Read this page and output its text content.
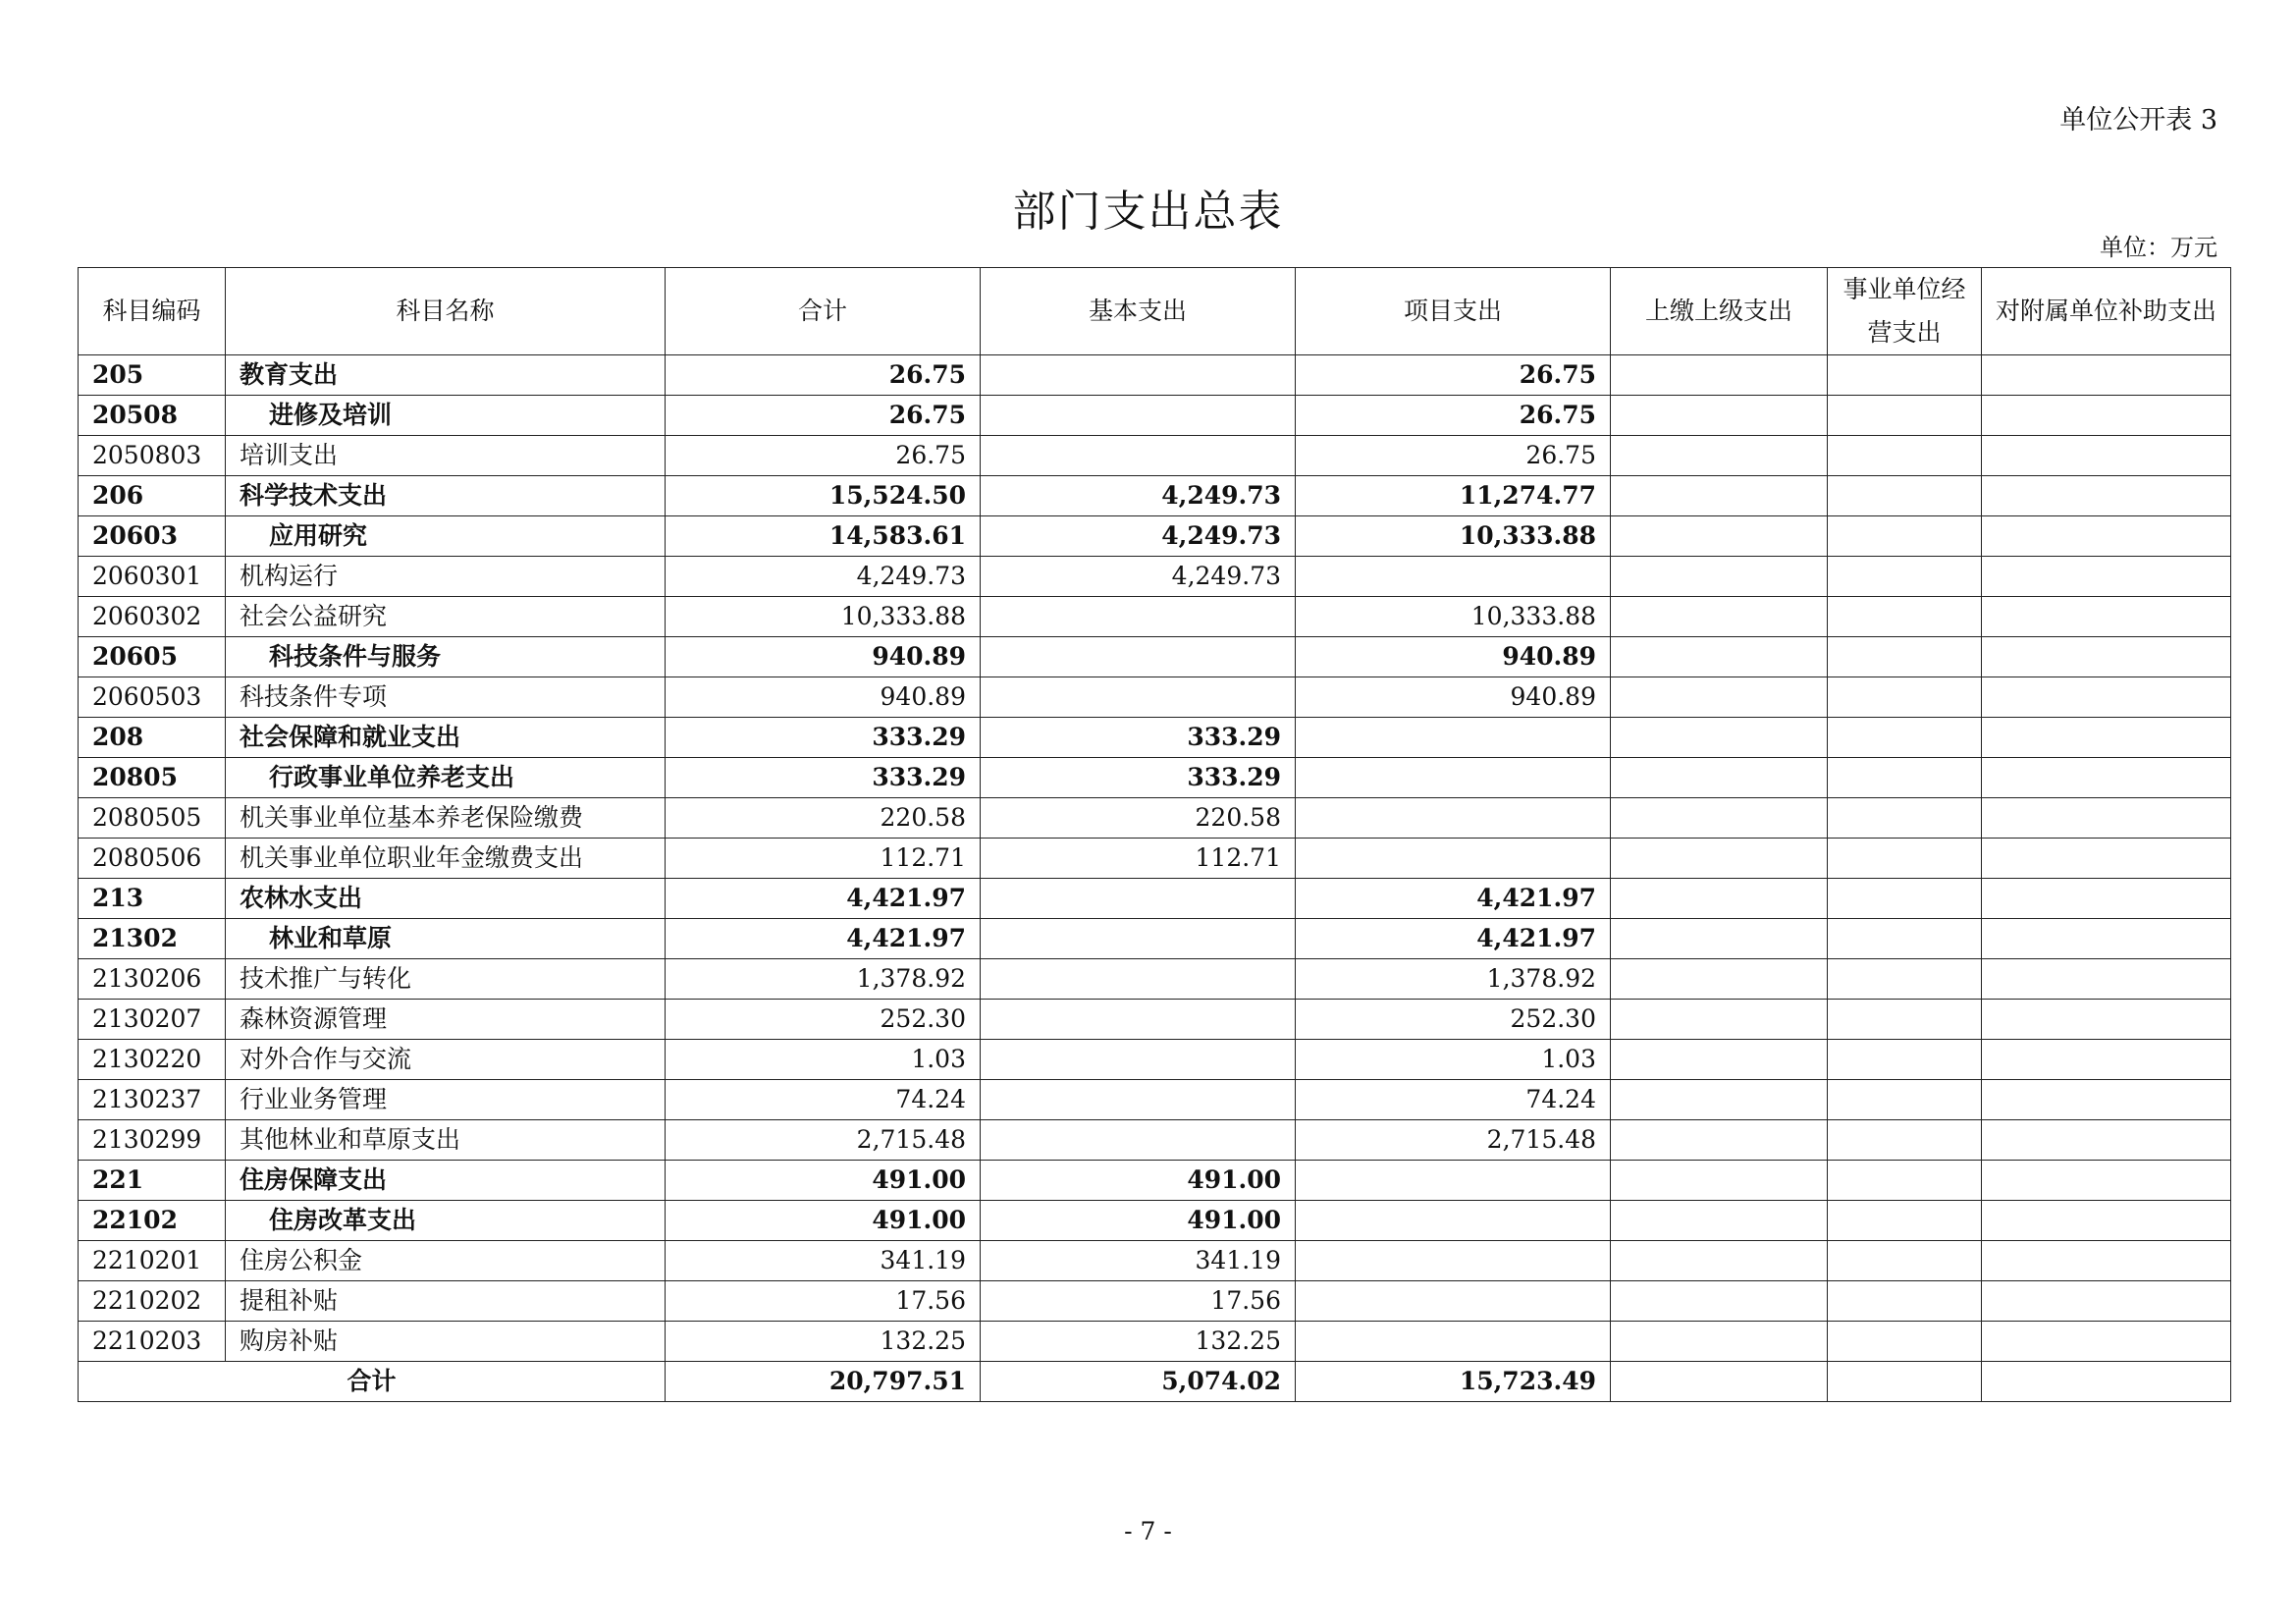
单位公开表 3
部门支出总表
单位：万元
科目编码	科目名称	合计	基本支出	项目支出	上缴上级支出	事业单位经营支出	对附属单位补助支出
205	教育支出	26.75		26.75			
20508	进修及培训	26.75		26.75			
2050803	培训支出	26.75		26.75			
206	科学技术支出	15,524.50	4,249.73	11,274.77			
20603	应用研究	14,583.61	4,249.73	10,333.88			
2060301	机构运行	4,249.73	4,249.73				
2060302	社会公益研究	10,333.88		10,333.88			
20605	科技条件与服务	940.89		940.89			
2060503	科技条件专项	940.89		940.89			
208	社会保障和就业支出	333.29	333.29				
20805	行政事业单位养老支出	333.29	333.29				
2080505	机关事业单位基本养老保险缴费	220.58	220.58				
2080506	机关事业单位职业年金缴费支出	112.71	112.71				
213	农林水支出	4,421.97		4,421.97			
21302	林业和草原	4,421.97		4,421.97			
2130206	技术推广与转化	1,378.92		1,378.92			
2130207	森林资源管理	252.30		252.30			
2130220	对外合作与交流	1.03		1.03			
2130237	行业业务管理	74.24		74.24			
2130299	其他林业和草原支出	2,715.48		2,715.48			
221	住房保障支出	491.00	491.00				
22102	住房改革支出	491.00	491.00				
2210201	住房公积金	341.19	341.19				
2210202	提租补贴	17.56	17.56				
2210203	购房补贴	132.25	132.25				
合计		20,797.51	5,074.02	15,723.49			
- 7 -
